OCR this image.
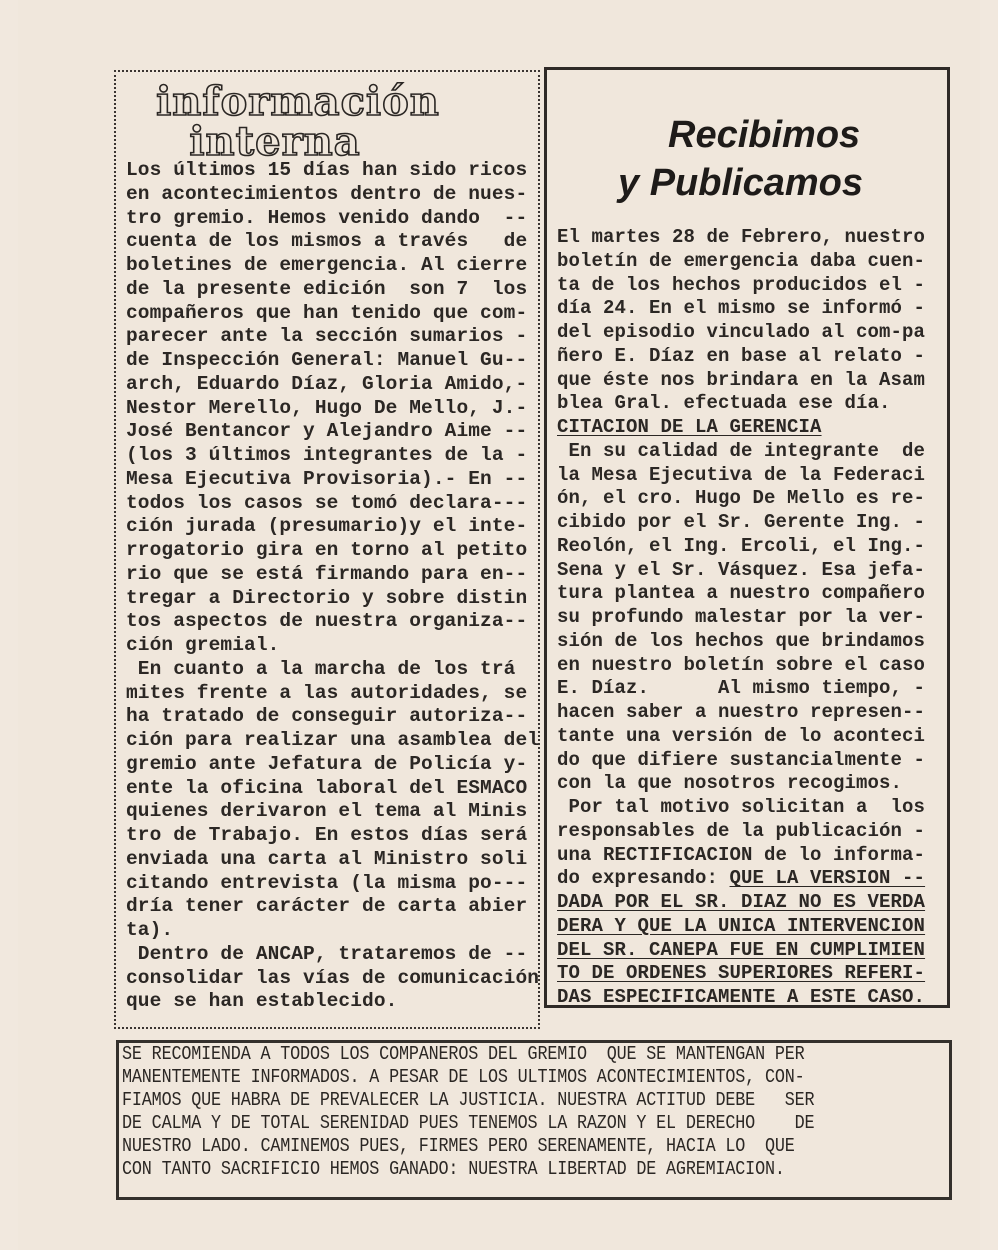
información
interna
Los últimos 15 días han sido ricos
en acontecimientos dentro de nues-
tro gremio. Hemos venido dando  --
cuenta de los mismos a través   de
boletines de emergencia. Al cierre
de la presente edición  son 7  los
compañeros que han tenido que com-
parecer ante la sección sumarios -
de Inspección General: Manuel Gu--
arch, Eduardo Díaz, Gloria Amido,-
Nestor Merello, Hugo De Mello, J.-
José Bentancor y Alejandro Aime --
(los 3 últimos integrantes de la -
Mesa Ejecutiva Provisoria).- En --
todos los casos se tomó declara---
ción jurada (presumario)y el inte-
rrogatorio gira en torno al petito
rio que se está firmando para en--
tregar a Directorio y sobre distin
tos aspectos de nuestra organiza--
ción gremial.
En cuanto a la marcha de los trá
mites frente a las autoridades, se
ha tratado de conseguir autoriza--
ción para realizar una asamblea del
gremio ante Jefatura de Policía y-
ente la oficina laboral del ESMACO
quienes derivaron el tema al Minis
tro de Trabajo. En estos días será
enviada una carta al Ministro soli
citando entrevista (la misma po---
dría tener carácter de carta abier
ta).
Dentro de ANCAP, trataremos de --
consolidar las vías de comunicación
que se han establecido.
Recibimos
y Publicamos
El martes 28 de Febrero, nuestro
boletín de emergencia daba cuen-
ta de los hechos producidos el -
día 24. En el mismo se informó -
del episodio vinculado al com-pa
ñero E. Díaz en base al relato -
que éste nos brindara en la Asam
blea Gral. efectuada ese día.
CITACION DE LA GERENCIA
En su calidad de integrante  de
la Mesa Ejecutiva de la Federaci
ón, el cro. Hugo De Mello es re-
cibido por el Sr. Gerente Ing. -
Reolón, el Ing. Ercoli, el Ing.-
Sena y el Sr. Vásquez. Esa jefa-
tura plantea a nuestro compañero
su profundo malestar por la ver-
sión de los hechos que brindamos
en nuestro boletín sobre el caso
E. Díaz.      Al mismo tiempo, -
hacen saber a nuestro represen--
tante una versión de lo aconteci
do que difiere sustancialmente -
con la que nosotros recogimos.
Por tal motivo solicitan a  los
responsables de la publicación -
una RECTIFICACION de lo informa-
do expresando: QUE LA VERSION --
DADA POR EL SR. DIAZ NO ES VERDA
DERA Y QUE LA UNICA INTERVENCION
DEL SR. CANEPA FUE EN CUMPLIMIEN
TO DE ORDENES SUPERIORES REFERI-
DAS ESPECIFICAMENTE A ESTE CASO.
SE RECOMIENDA A TODOS LOS COMPANEROS DEL GREMIO  QUE SE MANTENGAN PER
MANENTEMENTE INFORMADOS. A PESAR DE LOS ULTIMOS ACONTECIMIENTOS, CON-
FIAMOS QUE HABRA DE PREVALECER LA JUSTICIA. NUESTRA ACTITUD DEBE   SER
DE CALMA Y DE TOTAL SERENIDAD PUES TENEMOS LA RAZON Y EL DERECHO    DE
NUESTRO LADO. CAMINEMOS PUES, FIRMES PERO SERENAMENTE, HACIA LO  QUE
CON TANTO SACRIFICIO HEMOS GANADO: NUESTRA LIBERTAD DE AGREMIACION.
